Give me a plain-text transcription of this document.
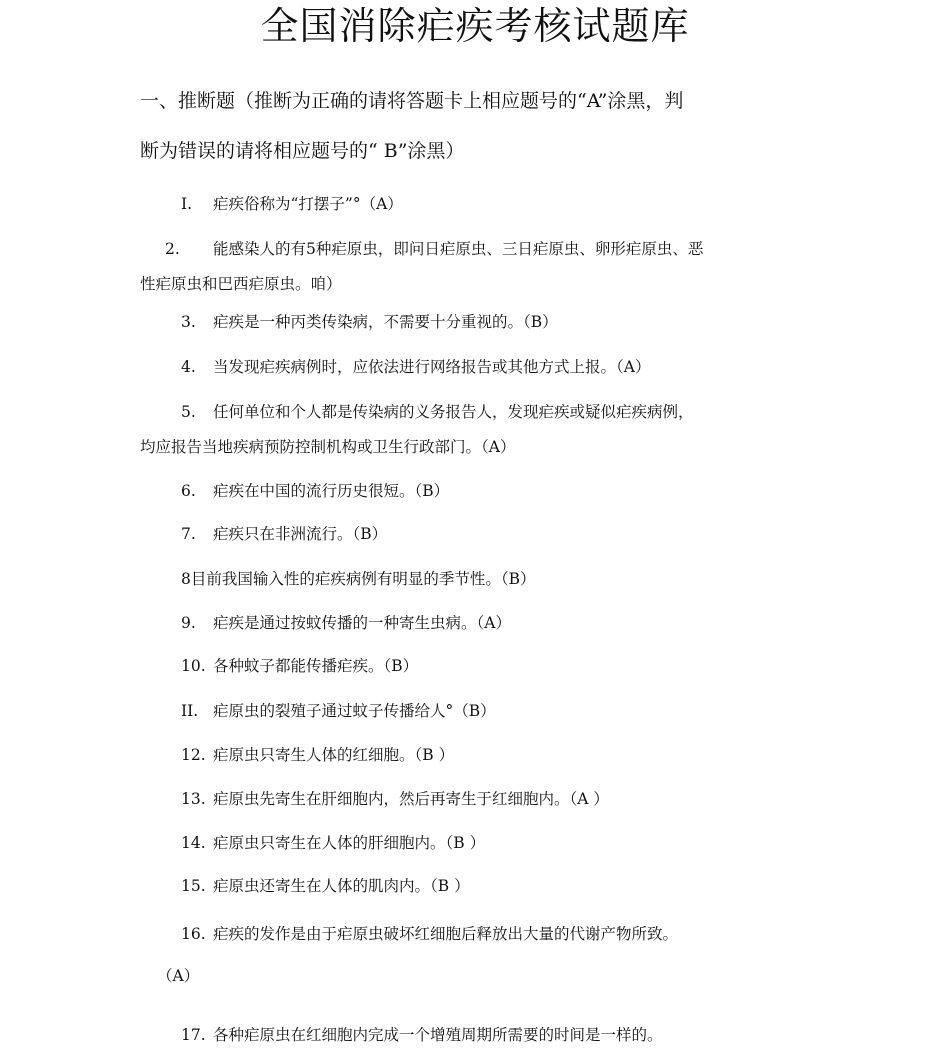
全国消除疟疾考核试题库

一、推断题（推断为正确的请将答题卡上相应题号的“A”涂黑，判

断为错误的请将相应题号的“ B”涂黑）

I. 疟疾俗称为“打摆子”°（A）
2. 能感染人的有5种疟原虫，即问日疟原虫、三日疟原虫、卵形疟原虫、恶
性疟原虫和巴西疟原虫。咱）
3. 疟疾是一种丙类传染病，不需要十分重视的。（B）
4. 当发现疟疾病例时，应依法进行网络报告或其他方式上报。（A）
5. 任何单位和个人都是传染病的义务报告人，发现疟疾或疑似疟疾病例，
均应报告当地疾病预防控制机构或卫生行政部门。（A）
6. 疟疾在中国的流行历史很短。（B）
7. 疟疾只在非洲流行。（B）
8目前我国输入性的疟疾病例有明显的季节性。（B）
9. 疟疾是通过按蚊传播的一种寄生虫病。（A）
10. 各种蚊子都能传播疟疾。（B）
II. 疟原虫的裂殖子通过蚊子传播给人°（B）
12. 疟原虫只寄生人体的红细胞。（B ）
13. 疟原虫先寄生在肝细胞内，然后再寄生于红细胞内。（A ）
14. 疟原虫只寄生在人体的肝细胞内。（B ）
15. 疟原虫还寄生在人体的肌肉内。（B ）
16. 疟疾的发作是由于疟原虫破坏红细胞后释放出大量的代谢产物所致。
（A）
17. 各种疟原虫在红细胞内完成一个增殖周期所需要的时间是一样的。
